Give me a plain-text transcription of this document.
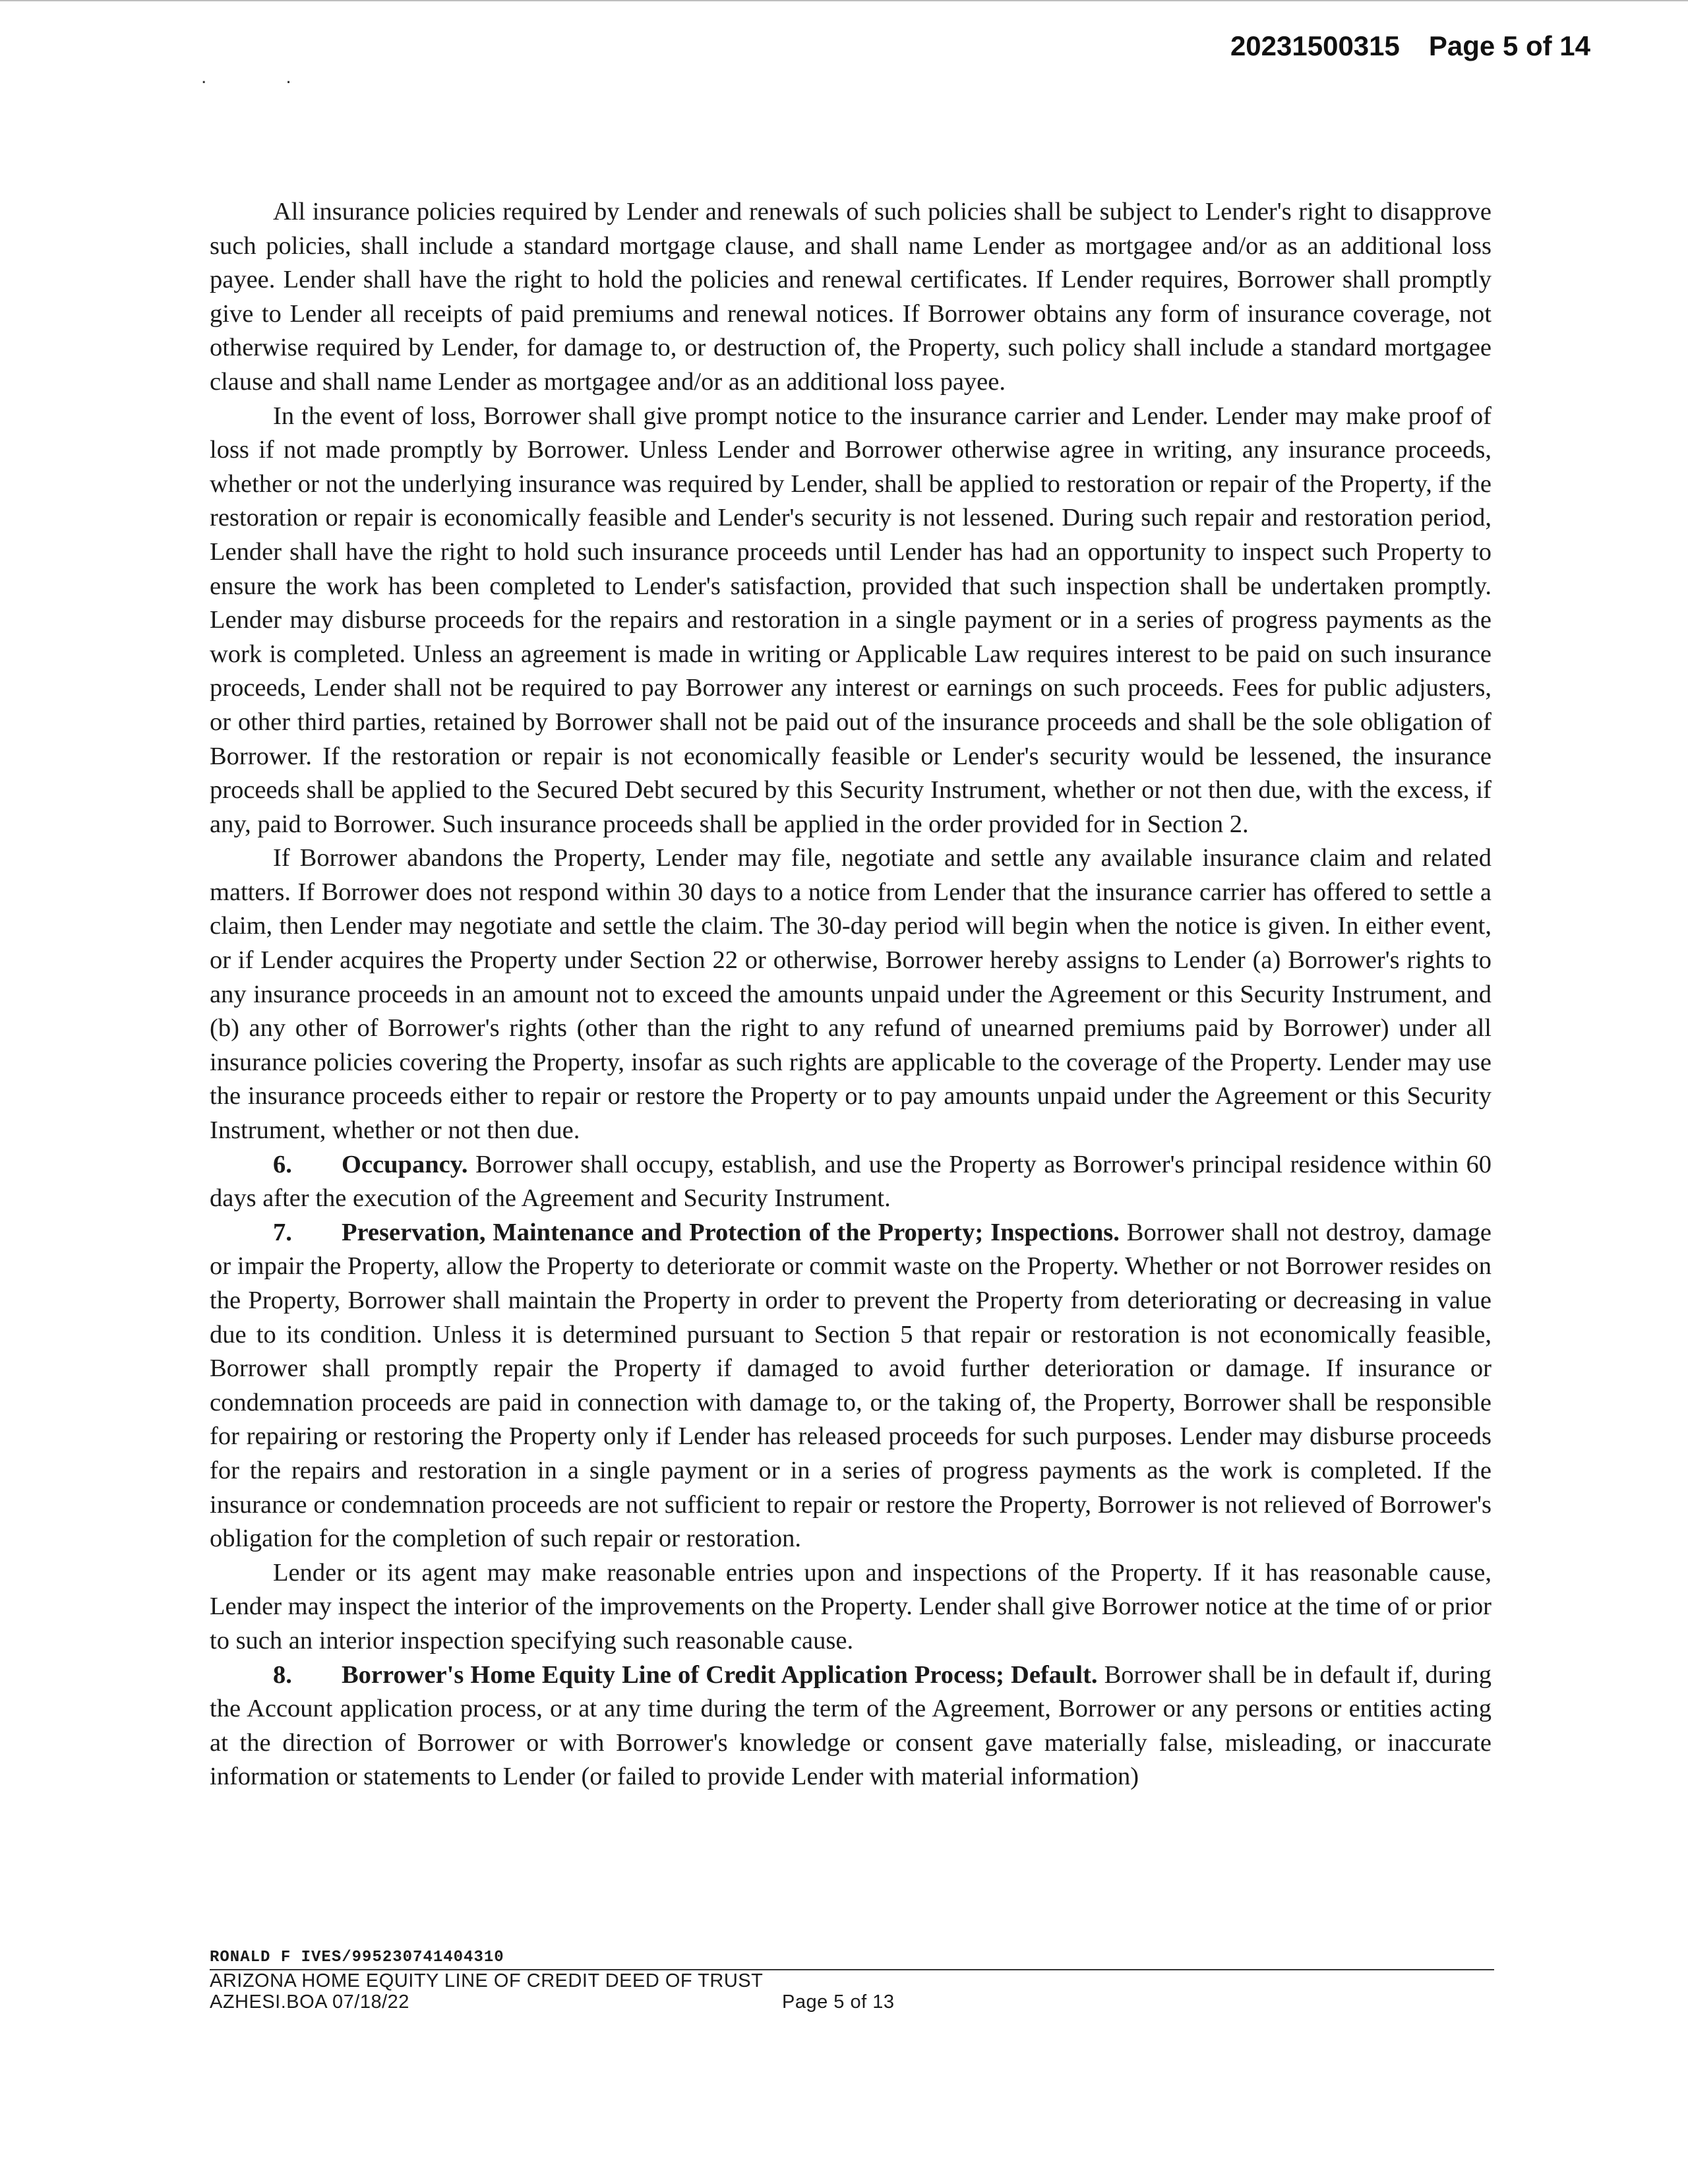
20231500315 Page 5 of 14
.	.

All insurance policies required by Lender and renewals of such policies shall be subject to Lender's right to disapprove such policies, shall include a standard mortgage clause, and shall name Lender as mortgagee and/or as an additional loss payee. Lender shall have the right to hold the policies and renewal certificates. If Lender requires, Borrower shall promptly give to Lender all receipts of paid premiums and renewal notices. If Borrower obtains any form of insurance coverage, not otherwise required by Lender, for damage to, or destruction of, the Property, such policy shall include a standard mortgagee clause and shall name Lender as mortgagee and/or as an additional loss payee.

In the event of loss, Borrower shall give prompt notice to the insurance carrier and Lender. Lender may make proof of loss if not made promptly by Borrower. Unless Lender and Borrower otherwise agree in writing, any insurance proceeds, whether or not the underlying insurance was required by Lender, shall be applied to restoration or repair of the Property, if the restoration or repair is economically feasible and Lender's security is not lessened. During such repair and restoration period, Lender shall have the right to hold such insurance proceeds until Lender has had an opportunity to inspect such Property to ensure the work has been completed to Lender's satisfaction, provided that such inspection shall be undertaken promptly. Lender may disburse proceeds for the repairs and restoration in a single payment or in a series of progress payments as the work is completed. Unless an agreement is made in writing or Applicable Law requires interest to be paid on such insurance proceeds, Lender shall not be required to pay Borrower any interest or earnings on such proceeds. Fees for public adjusters, or other third parties, retained by Borrower shall not be paid out of the insurance proceeds and shall be the sole obligation of Borrower. If the restoration or repair is not economically feasible or Lender's security would be lessened, the insurance proceeds shall be applied to the Secured Debt secured by this Security Instrument, whether or not then due, with the excess, if any, paid to Borrower. Such insurance proceeds shall be applied in the order provided for in Section 2.

If Borrower abandons the Property, Lender may file, negotiate and settle any available insurance claim and related matters. If Borrower does not respond within 30 days to a notice from Lender that the insurance carrier has offered to settle a claim, then Lender may negotiate and settle the claim. The 30-day period will begin when the notice is given. In either event, or if Lender acquires the Property under Section 22 or otherwise, Borrower hereby assigns to Lender (a) Borrower's rights to any insurance proceeds in an amount not to exceed the amounts unpaid under the Agreement or this Security Instrument, and (b) any other of Borrower's rights (other than the right to any refund of unearned premiums paid by Borrower) under all insurance policies covering the Property, insofar as such rights are applicable to the coverage of the Property. Lender may use the insurance proceeds either to repair or restore the Property or to pay amounts unpaid under the Agreement or this Security Instrument, whether or not then due.

6. Occupancy. Borrower shall occupy, establish, and use the Property as Borrower's principal residence within 60 days after the execution of the Agreement and Security Instrument.

7. Preservation, Maintenance and Protection of the Property; Inspections. Borrower shall not destroy, damage or impair the Property, allow the Property to deteriorate or commit waste on the Property. Whether or not Borrower resides on the Property, Borrower shall maintain the Property in order to prevent the Property from deteriorating or decreasing in value due to its condition. Unless it is determined pursuant to Section 5 that repair or restoration is not economically feasible, Borrower shall promptly repair the Property if damaged to avoid further deterioration or damage. If insurance or condemnation proceeds are paid in connection with damage to, or the taking of, the Property, Borrower shall be responsible for repairing or restoring the Property only if Lender has released proceeds for such purposes. Lender may disburse proceeds for the repairs and restoration in a single payment or in a series of progress payments as the work is completed. If the insurance or condemnation proceeds are not sufficient to repair or restore the Property, Borrower is not relieved of Borrower's obligation for the completion of such repair or restoration.

Lender or its agent may make reasonable entries upon and inspections of the Property. If it has reasonable cause, Lender may inspect the interior of the improvements on the Property. Lender shall give Borrower notice at the time of or prior to such an interior inspection specifying such reasonable cause.

8. Borrower's Home Equity Line of Credit Application Process; Default. Borrower shall be in default if, during the Account application process, or at any time during the term of the Agreement, Borrower or any persons or entities acting at the direction of Borrower or with Borrower's knowledge or consent gave materially false, misleading, or inaccurate information or statements to Lender (or failed to provide Lender with material information)

RONALD F IVES/995230741404310
ARIZONA HOME EQUITY LINE OF CREDIT DEED OF TRUST
AZHESI.BOA 07/18/22	Page 5 of 13
